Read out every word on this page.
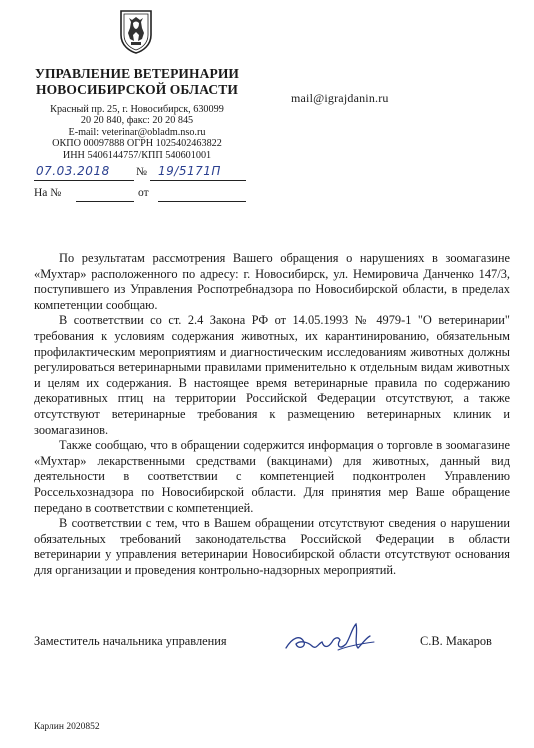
УПРАВЛЕНИЕ ВЕТЕРИНАРИИ
НОВОСИБИРСКОЙ ОБЛАСТИ
Красный пр. 25, г. Новосибирск, 630099
20 20 840, факс: 20 20 845
E-mail: veterinar@obladm.nso.ru
ОКПО 00097888 ОГРН 1025402463822
ИНН 5406144757/КПП 540601001
07.03.2018 № 19/5171П
На №	от
mail@igrajdanin.ru

По результатам рассмотрения Вашего обращения о нарушениях в зоомагазине «Мухтар» расположенного по адресу: г. Новосибирск, ул. Немировича Данченко 147/3, поступившего из Управления Роспотребнадзора по Новосибирской области, в пределах компетенции сообщаю.

В соответствии со ст. 2.4 Закона РФ от 14.05.1993 № 4979-1 "О ветеринарии" требования к условиям содержания животных, их карантинированию, обязательным профилактическим мероприятиям и диагностическим исследованиям животных должны регулироваться ветеринарными правилами применительно к отдельным видам животных и целям их содержания. В настоящее время ветеринарные правила по содержанию декоративных птиц на территории Российской Федерации отсутствуют, а также отсутствуют ветеринарные требования к размещению ветеринарных клиник и зоомагазинов.

Также сообщаю, что в обращении содержится информация о торговле в зоомагазине «Мухтар» лекарственными средствами (вакцинами) для животных, данный вид деятельности в соответствии с компетенцией подконтролен Управлению Россельхознадзора по Новосибирской области. Для принятия мер Ваше обращение передано в соответствии с компетенцией.

В соответствии с тем, что в Вашем обращении отсутствуют сведения о нарушении обязательных требований законодательства Российской Федерации в области ветеринарии у управления ветеринарии Новосибирской области отсутствуют основания для организации и проведения контрольно-надзорных мероприятий.

Заместитель начальника управления	С.В. Макаров
Карлин 2020852
